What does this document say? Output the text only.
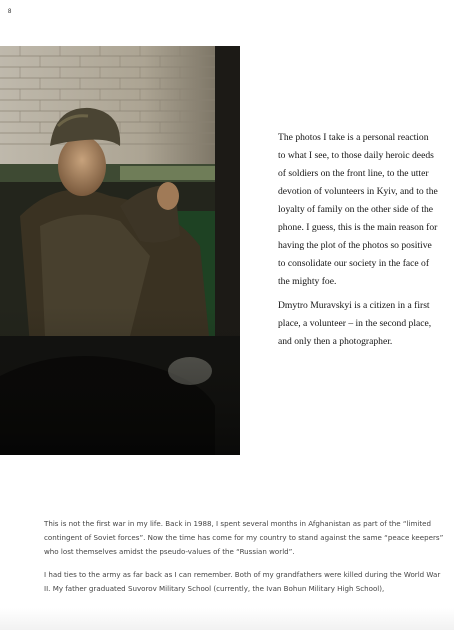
8

The photos I take is a personal reaction to what I see, to those daily heroic deeds of soldiers on the front line, to the utter devotion of volunteers in Kyiv, and to the loyalty of family on the other side of the phone. I guess, this is the main reason for having the plot of the photos so positive to consolidate our society in the face of the mighty foe.

Dmytro Muravskyi is a citizen in a first place, a volunteer – in the second place, and only then a photographer.

This is not the first war in my life. Back in 1988, I spent several months in Afghanistan as part of the “limited contingent of Soviet forces”. Now the time has come for my country to stand against the same “peace keepers” who lost themselves amidst the pseudo-values of the “Russian world”.

I had ties to the army as far back as I can remember. Both of my grandfathers were killed during the World War II. My father graduated Suvorov Military School (currently, the Ivan Bohun Military High School),
